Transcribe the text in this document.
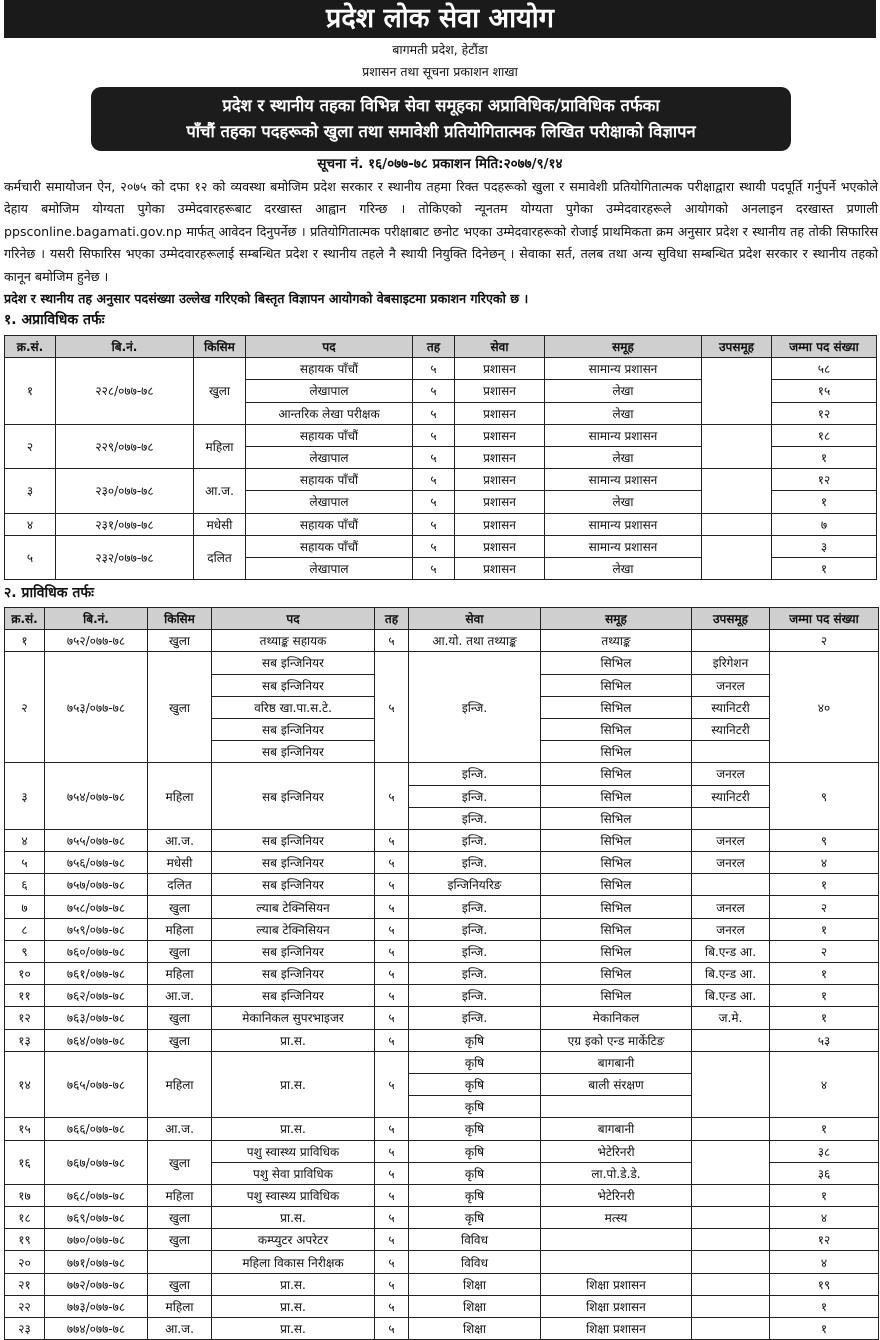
प्रदेश लोक सेवा आयोग
बागमती प्रदेश, हेटौंडा
प्रशासन तथा सूचना प्रकाशन शाखा
प्रदेश र स्थानीय तहका विभिन्न सेवा समूहका अप्राविधिक/प्राविधिक तर्फका
पाँचौं तहका पदहरूको खुला तथा समावेशी प्रतियोगितात्मक लिखित परीक्षाको विज्ञापन
सूचना नं. १६/०७७-७८ प्रकाशन मिति:२०७७/९/१४
कर्मचारी समायोजन ऐन, २०७५ को दफा १२ को व्यवस्था बमोजिम प्रदेश सरकार र स्थानीय तहमा रिक्त पदहरूको खुला र समावेशी प्रतियोगितात्मक परीक्षाद्वारा स्थायी पदपूर्ति गर्नुपर्ने भएकोले देहाय बमोजिम योग्यता पुगेका उम्मेदवारहरूबाट दरखास्त आह्वान गरिन्छ । तोकिएको न्यूनतम योग्यता पुगेका उम्मेदवारहरूले आयोगको अनलाइन दरखास्त प्रणाली ppsconline.bagamati.gov.np मार्फत् आवेदन दिनुपर्नेछ । प्रतियोगितात्मक परीक्षाबाट छनोट भएका उम्मेदवारहरूको रोजाई प्राथमिकता क्रम अनुसार प्रदेश र स्थानीय तह तोकी सिफारिस गरिनेछ । यसरी सिफारिस भएका उम्मेदवारहरूलाई सम्बन्धित प्रदेश र स्थानीय तहले नै स्थायी नियुक्ति दिनेछन् । सेवाका सर्त, तलब तथा अन्य सुविधा सम्बन्धित प्रदेश सरकार र स्थानीय तहको कानून बमोजिम हुनेछ ।
प्रदेश र स्थानीय तह अनुसार पदसंख्या उल्लेख गरिएको बिस्तृत विज्ञापन आयोगको वेबसाइटमा प्रकाशन गरिएको छ ।
१. अप्राविधिक तर्फः
क्र.सं.	बि.नं.	किसिम	पद	तह	सेवा	समूह	उपसमूह	जम्मा पद संख्या
१	२२८/०७७-७८	खुला	सहायक पाँचौं	५	प्रशासन	सामान्य प्रशासन		५८
			लेखापाल	५	प्रशासन	लेखा		१५
			आन्तरिक लेखा परीक्षक	५	प्रशासन	लेखा		१२
२	२२९/०७७-७८	महिला	सहायक पाँचौं	५	प्रशासन	सामान्य प्रशासन		१८
			लेखापाल	५	प्रशासन	लेखा		१
३	२३०/०७७-७८	आ.ज.	सहायक पाँचौं	५	प्रशासन	सामान्य प्रशासन		१२
			लेखापाल	५	प्रशासन	लेखा		१
४	२३१/०७७-७८	मधेसी	सहायक पाँचौं	५	प्रशासन	सामान्य प्रशासन		७
५	२३२/०७७-७८	दलित	सहायक पाँचौं	५	प्रशासन	सामान्य प्रशासन		३
			लेखापाल	५	प्रशासन	लेखा		१
२. प्राविधिक तर्फः
क्र.सं.	बि.नं.	किसिम	पद	तह	सेवा	समूह	उपसमूह	जम्मा पद संख्या
१	७५२/०७७-७८	खुला	तथ्याङ्क सहायक	५	आ.यो. तथा तथ्याङ्क	तथ्याङ्क		२
२	७५३/०७७-७८	खुला	सब इन्जिनियर	५	इन्जि.	सिभिल	इरिगेशन	४०
			सब इन्जिनियर			सिभिल	जनरल	
			वरिष्ठ खा.पा.स.टे.			सिभिल	स्यानिटरी	
			सब इन्जिनियर			सिभिल	स्यानिटरी	
			सब इन्जिनियर			सिभिल		
३	७५४/०७७-७८	महिला	सब इन्जिनियर	५	इन्जि.	सिभिल	जनरल	९
					इन्जि.	सिभिल	स्यानिटरी	
					इन्जि.	सिभिल		
४	७५५/०७७-७८	आ.ज.	सब इन्जिनियर	५	इन्जि.	सिभिल	जनरल	९
५	७५६/०७७-७८	मधेसी	सब इन्जिनियर	५	इन्जि.	सिभिल	जनरल	४
६	७५७/०७७-७८	दलित	सब इन्जिनियर	५	इन्जिनियरिङ	सिभिल		१
७	७५८/०७७-७८	खुला	ल्याब टेक्निसियन	५	इन्जि.	सिभिल	जनरल	२
८	७५९/०७७-७८	महिला	ल्याब टेक्निसियन	५	इन्जि.	सिभिल	जनरल	१
९	७६०/०७७-७८	खुला	सब इन्जिनियर	५	इन्जि.	सिभिल	बि.एन्ड आ.	२
१०	७६१/०७७-७८	महिला	सब इन्जिनियर	५	इन्जि.	सिभिल	बि.एन्ड आ.	१
११	७६२/०७७-७८	आ.ज.	सब इन्जिनियर	५	इन्जि.	सिभिल	बि.एन्ड आ.	१
१२	७६३/०७७-७८	खुला	मेकानिकल सुपरभाइजर	५	इन्जि.	मेकानिकल	ज.मे.	१
१३	७६४/०७७-७८	खुला	प्रा.स.	५	कृषि	एग्र इको एन्ड मार्केटिङ		५३
१४	७६५/०७७-७८	महिला	प्रा.स.	५	कृषि	बागबानी		४
					कृषि	बाली संरक्षण		
					कृषि			
१५	७६६/०७७-७८	आ.ज.	प्रा.स.	५	कृषि	बागबानी		१
१६	७६७/०७७-७८	खुला	पशु स्वास्थ्य प्राविधिक	५	कृषि	भेटेरिनरी		३८
			पशु सेवा प्राविधिक	५	कृषि	ला.पो.डे.डे.		३६
१७	७६८/०७७-७८	महिला	पशु स्वास्थ्य प्राविधिक	५	कृषि	भेटेरिनरी		१
१८	७६९/०७७-७८	खुला	प्रा.स.	५	कृषि	मत्स्य		४
१९	७७०/०७७-७८	खुला	कम्प्युटर अपरेटर	५	विविध			१२
२०	७७१/०७७-७८		महिला विकास निरीक्षक	५	विविध			४
२१	७७२/०७७-७८	खुला	प्रा.स.	५	शिक्षा	शिक्षा प्रशासन		१९
२२	७७३/०७७-७८	महिला	प्रा.स.	५	शिक्षा	शिक्षा प्रशासन		१
२३	७७४/०७७-७८	आ.ज.	प्रा.स.	५	शिक्षा	शिक्षा प्रशासन		१
